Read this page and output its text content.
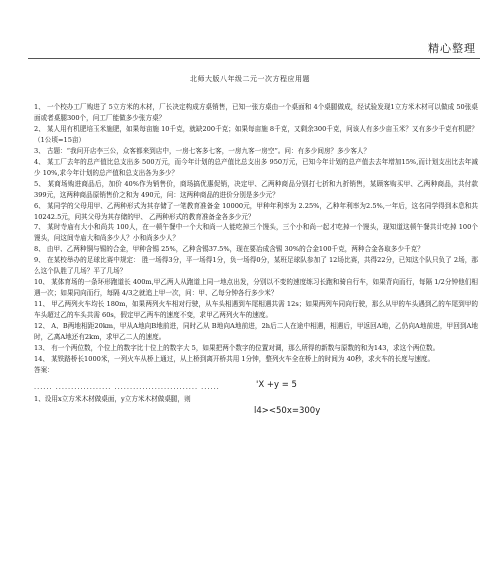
精心整理
北师大版八年级二元一次方程应用题

1、 一个校办工厂购进了 5立方米的木材，厂长决定构成方桌销售，已知一张方桌由一个桌面和 4个桌腿做成，经试验发现1立方米木材可以做成 50张桌面或者桌腿300个，问工厂能做多少张方桌？

2、 某人用有机肥培玉米施肥，如果每亩施 10千克，就缺200千克；如果每亩施 8千克，又剩余300千克，问该人有多少亩玉米？又有多少千克有机肥？（1公顷=15亩）

3、 古题：“我问开店李三公，众客都来到店中，一房七客多七客，一房九客一房空”。问：有多少间房？多少客人？

4、 某工厂去年的总产值比总支出多 500万元，而今年计划的总产值比总支出多 950万元，已知今年计划的总产值去去年增加15%,而计划支出比去年减少 10%,求今年计划的总产值和总支出各为多少？

5、 某商场购进商品后，加价 40%作为销售价，商场搞优惠促销，决定甲、乙两种商品分别打七折和九折销售，某顾客购买甲、乙两种商品，共付款 399元，这两种商品原销售价之和为 490元，问：这两种商品的进价分别是多少元？

6、 某同学的父母用甲、乙两种形式为其存储了一笔教育准备金 10000元，甲种年利率为 2.25%，乙种年利率为2.5%,一年后，这名同学得到本息和共 10242.5元，问其父母为其存储的甲、 乙两种形式的教育准备金各多少元？

7、 某时寺庙有大小和尚共 100人，在一顿午餐中一个大和尚一人能吃掉三个馒头，三个小和尚一起才吃掉一个馒头，现知道这顿午餐共计吃掉 100个馒头，问这间寺庙大和尚多少人？小和尚多少人？

8、 由甲、乙两种铜与锡的合金，甲种含锡 25%，乙种含锡37.5%，现在要冶成含锡 30%的合金100千克，两种合金各取多少千克？

9、 在某校举办的足球比赛中规定： 胜一场得3分，平一场得1分，负一场得0分，某班足球队参加了 12场比赛，共得22分，已知这个队只负了 2场，那么这个队胜了几场？平了几场？

10、 某体育场的一条环形跑道长 400m,甲乙两人从跑道上同一地点出发，分别以不变的速度练习长跑和骑自行车，如果背向而行，每隔 1/2分钟他们相遇一次；如果同向而行，每隔 4/3之就追上甲一次，问：甲、乙每分钟各行多少米？

11、 甲乙两列火车均长 180m，如果两列火车相对行驶，从车头相遇到车尾相遇共需 12s；如果两列车同向行驶，那么从甲的车头遇到乙的车尾到甲的车头超过乙的车头共需 60s，假定甲乙两车的速度不变，求甲乙两列火车的速度。

12、 A、B两地相距20km，甲从A地向B地前进，同时乙从 B地向A地前进，2h后二人在途中相遇，相遇后，甲返回A地，乙仍向A地前进，甲回到A地时，乙离A地还有2km，求甲乙二人的速度。

13、 有一个两位数，个位上的数字比十位上的数字大 5，如果把两个数字的位置对调，那么所得的新数与原数的和为143，求这个两位数。

14、 某铁路桥长1000米，一列火车从桥上通过，从上桥到离开桥共用 1分钟，整列火车全在桥上的时间为 40秒，求火车的长度与速度。

答案：

...... .................. ........................... ......	'X +y = 5

1、设用x立方米木材做桌面，y立方米木材做桌腿，则

l4><50x=300y
